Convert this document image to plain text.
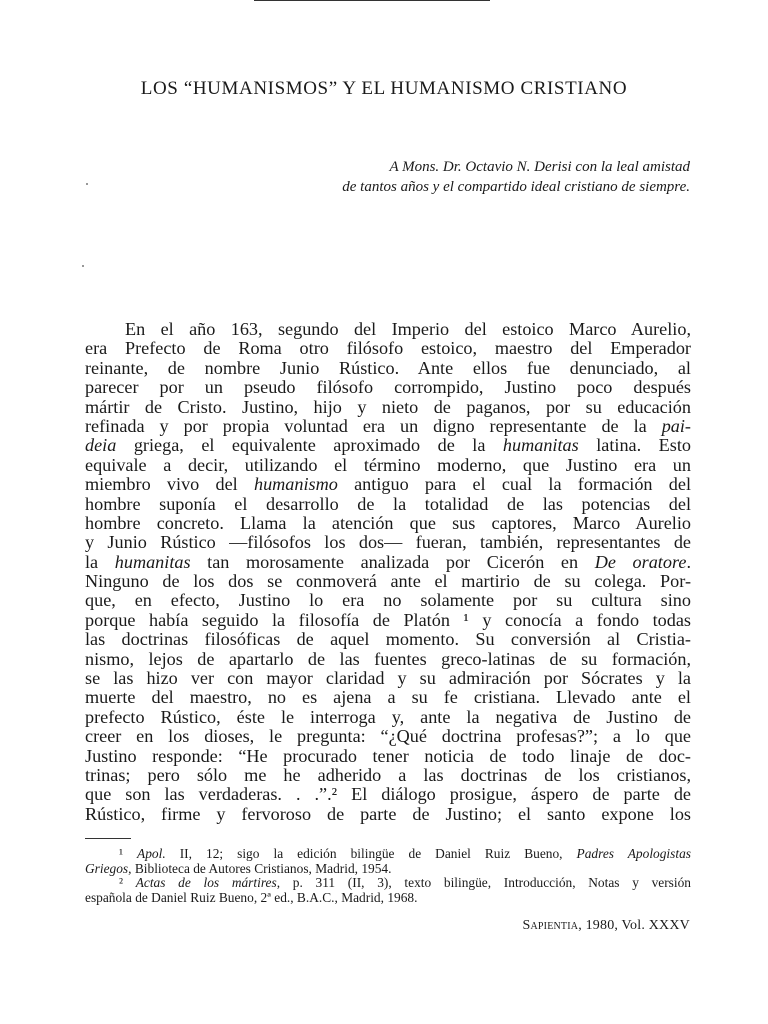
LOS “HUMANISMOS” Y EL HUMANISMO CRISTIANO
A Mons. Dr. Octavio N. Derisi con la leal amistad
de tantos años y el compartido ideal cristiano de siempre.
En el año 163, segundo del Imperio del estoico Marco Aurelio,
era Prefecto de Roma otro filósofo estoico, maestro del Emperador
reinante, de nombre Junio Rústico. Ante ellos fue denunciado, al
parecer por un pseudo filósofo corrompido, Justino poco después
mártir de Cristo. Justino, hijo y nieto de paganos, por su educación
refinada y por propia voluntad era un digno representante de la pai-
deia griega, el equivalente aproximado de la humanitas latina. Esto
equivale a decir, utilizando el término moderno, que Justino era un
miembro vivo del humanismo antiguo para el cual la formación del
hombre suponía el desarrollo de la totalidad de las potencias del
hombre concreto. Llama la atención que sus captores, Marco Aurelio
y Junio Rústico —filósofos los dos— fueran, también, representantes de
la humanitas tan morosamente analizada por Cicerón en De oratore.
Ninguno de los dos se conmoverá ante el martirio de su colega. Por-
que, en efecto, Justino lo era no solamente por su cultura sino
porque había seguido la filosofía de Platón ¹ y conocía a fondo todas
las doctrinas filosóficas de aquel momento. Su conversión al Cristia-
nismo, lejos de apartarlo de las fuentes greco-latinas de su formación,
se las hizo ver con mayor claridad y su admiración por Sócrates y la
muerte del maestro, no es ajena a su fe cristiana. Llevado ante el
prefecto Rústico, éste le interroga y, ante la negativa de Justino de
creer en los dioses, le pregunta: “¿Qué doctrina profesas?”; a lo que
Justino responde: “He procurado tener noticia de todo linaje de doc-
trinas; pero sólo me he adherido a las doctrinas de los cristianos,
que son las verdaderas. . .”.² El diálogo prosigue, áspero de parte de
Rústico, firme y fervoroso de parte de Justino; el santo expone los
¹ Apol. II, 12; sigo la edición bilingüe de Daniel Ruiz Bueno, Padres Apologistas
Griegos, Biblioteca de Autores Cristianos, Madrid, 1954.
² Actas de los mártires, p. 311 (II, 3), texto bilingüe, Introducción, Notas y versión
española de Daniel Ruiz Bueno, 2ª ed., B.A.C., Madrid, 1968.
Sapientia, 1980, Vol. XXXV
